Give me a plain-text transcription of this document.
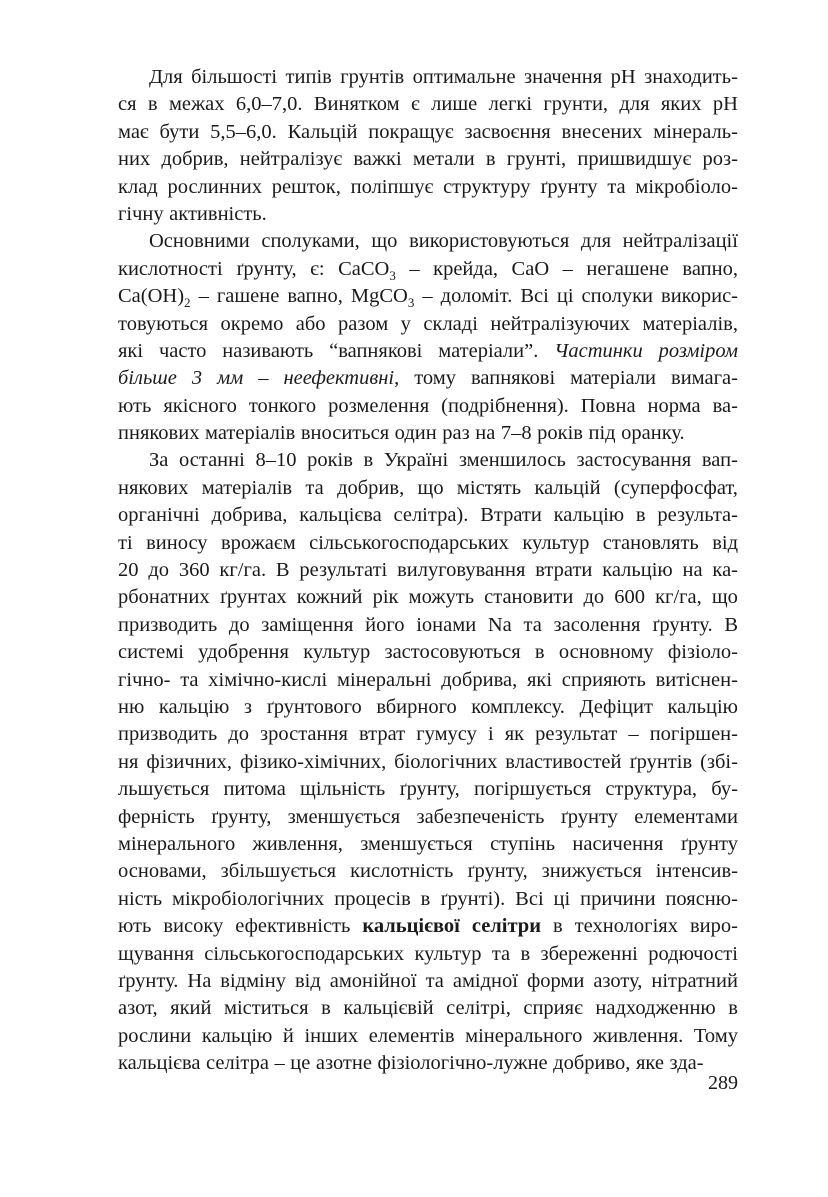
Для більшості типів грунтів оптимальне значення pH знаходить-
ся в межах 6,0–7,0. Винятком є лише легкі грунти, для яких pH
має бути 5,5–6,0. Кальцій покращує засвоєння внесених мінераль-
них добрив, нейтралізує важкі метали в грунті, пришвидшує роз-
клад рослинних решток, поліпшує структуру ґрунту та мікробіоло-
гічну активність.
Основними сполуками, що використовуються для нейтралізації
кислотності ґрунту, є: CaCO$_3$ – крейда, CaO – негашене вапно,
$Ca(OH)_2$ – гашене вапно, MgCO$_3$ – доломіт. Всі ці сполуки викорис-
товуються окремо або разом у складі нейтралізуючих матеріалів,
які часто називають “вапнякові матеріали”. Частинки розміром
більше 3 мм – неефективні, тому вапнякові матеріали вимага-
ють якісного тонкого розмелення (подрібнення). Повна норма ва-
пнякових матеріалів вноситься один раз на 7–8 років під оранку.
За останні 8–10 років в Україні зменшилось застосування вап-
някових матеріалів та добрив, що містять кальцій (суперфосфат,
органічні добрива, кальцієва селітра). Втрати кальцію в результа-
ті виносу врожаєм сільськогосподарських культур становлять від
20 до 360 кг/га. В результаті вилуговування втрати кальцію на ка-
рбонатних ґрунтах кожний рік можуть становити до 600 кг/га, що
призводить до заміщення його іонами Na та засолення ґрунту. В
системі удобрення культур застосовуються в основному фізіоло-
гічно- та хімічно-кислі мінеральні добрива, які сприяють витіснен-
ню кальцію з ґрунтового вбирного комплексу. Дефіцит кальцію
призводить до зростання втрат гумусу і як результат – погіршен-
ня фізичних, фізико-хімічних, біологічних властивостей ґрунтів (збі-
льшується питома щільність ґрунту, погіршується структура, бу-
ферність ґрунту, зменшується забезпеченість ґрунту елементами
мінерального живлення, зменшується ступінь насичення ґрунту
основами, збільшується кислотність ґрунту, знижується інтенсив-
ність мікробіологічних процесів в ґрунті). Всі ці причини поясню-
ють високу ефективність кальцієвої селітри в технологіях виро-
щування сільськогосподарських культур та в збереженні родючості
ґрунту. На відміну від амонійної та амідної форми азоту, нітратний
азот, який міститься в кальцієвій селітрі, сприяє надходженню в
рослини кальцію й інших елементів мінерального живлення. Тому
кальцієва селітра – це азотне фізіологічно-лужне добриво, яке зда-
289
